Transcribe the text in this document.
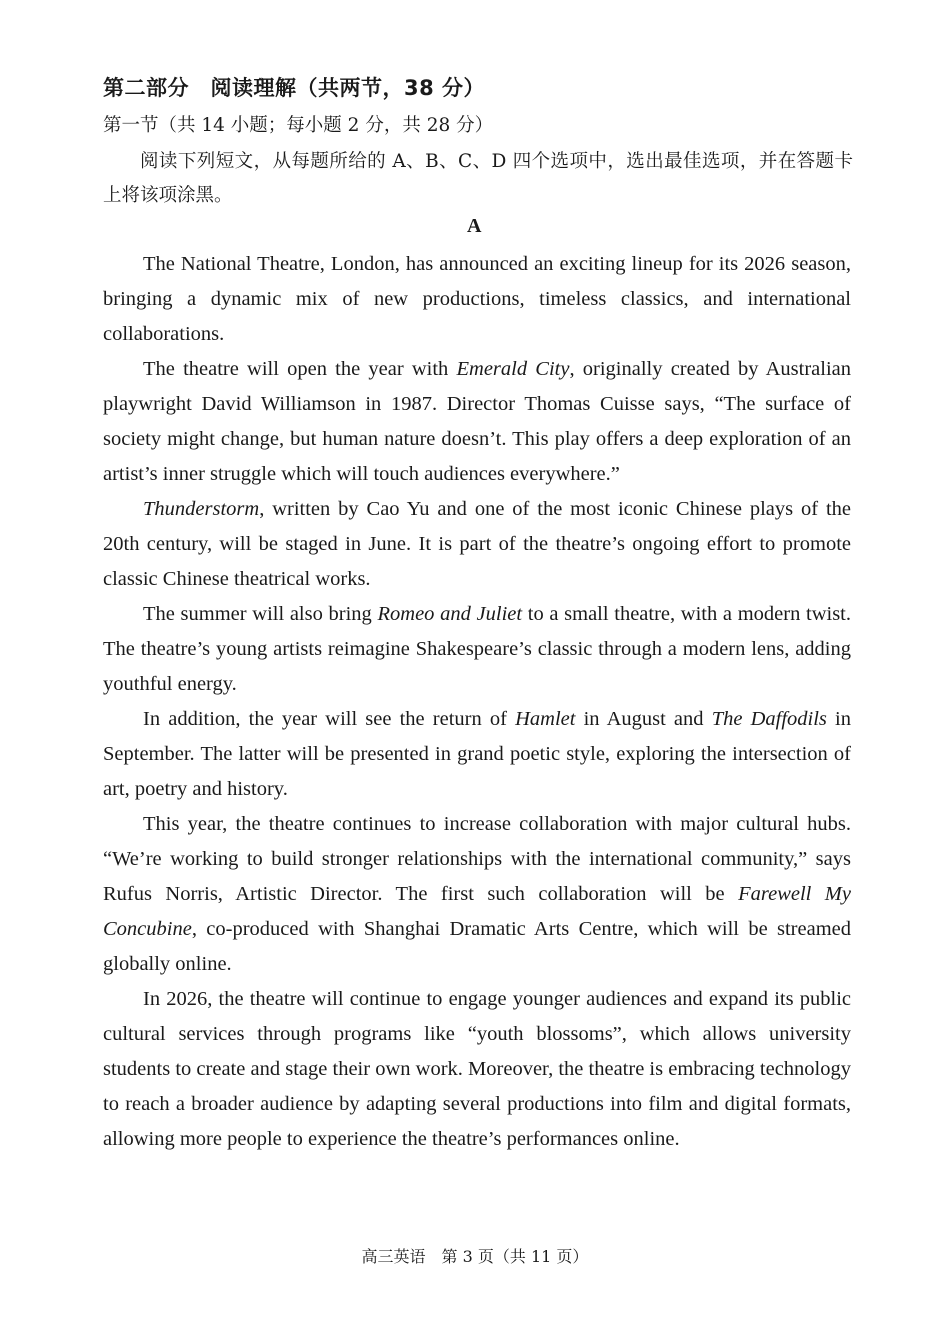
第二部分　阅读理解（共两节，38 分）
第一节（共 14 小题；每小题 2 分，共 28 分）
阅读下列短文，从每题所给的 A、B、C、D 四个选项中，选出最佳选项，并在答题卡上将该项涂黑。
A

The National Theatre, London, has announced an exciting lineup for its 2026 season, bringing a dynamic mix of new productions, timeless classics, and international collaborations.

The theatre will open the year with Emerald City, originally created by Australian playwright David Williamson in 1987. Director Thomas Cuisse says, “The surface of society might change, but human nature doesn’t. This play offers a deep exploration of an artist’s inner struggle which will touch audiences everywhere.”

Thunderstorm, written by Cao Yu and one of the most iconic Chinese plays of the 20th century, will be staged in June. It is part of the theatre’s ongoing effort to promote classic Chinese theatrical works.

The summer will also bring Romeo and Juliet to a small theatre, with a modern twist. The theatre’s young artists reimagine Shakespeare’s classic through a modern lens, adding youthful energy.

In addition, the year will see the return of Hamlet in August and The Daffodils in September. The latter will be presented in grand poetic style, exploring the intersection of art, poetry and history.

This year, the theatre continues to increase collaboration with major cultural hubs. “We’re working to build stronger relationships with the international community,” says Rufus Norris, Artistic Director. The first such collaboration will be Farewell My Concubine, co-produced with Shanghai Dramatic Arts Centre, which will be streamed globally online.

In 2026, the theatre will continue to engage younger audiences and expand its public cultural services through programs like “youth blossoms”, which allows university students to create and stage their own work. Moreover, the theatre is embracing technology to reach a broader audience by adapting several productions into film and digital formats, allowing more people to experience the theatre’s performances online.

高三英语　第 3 页（共 11 页）
